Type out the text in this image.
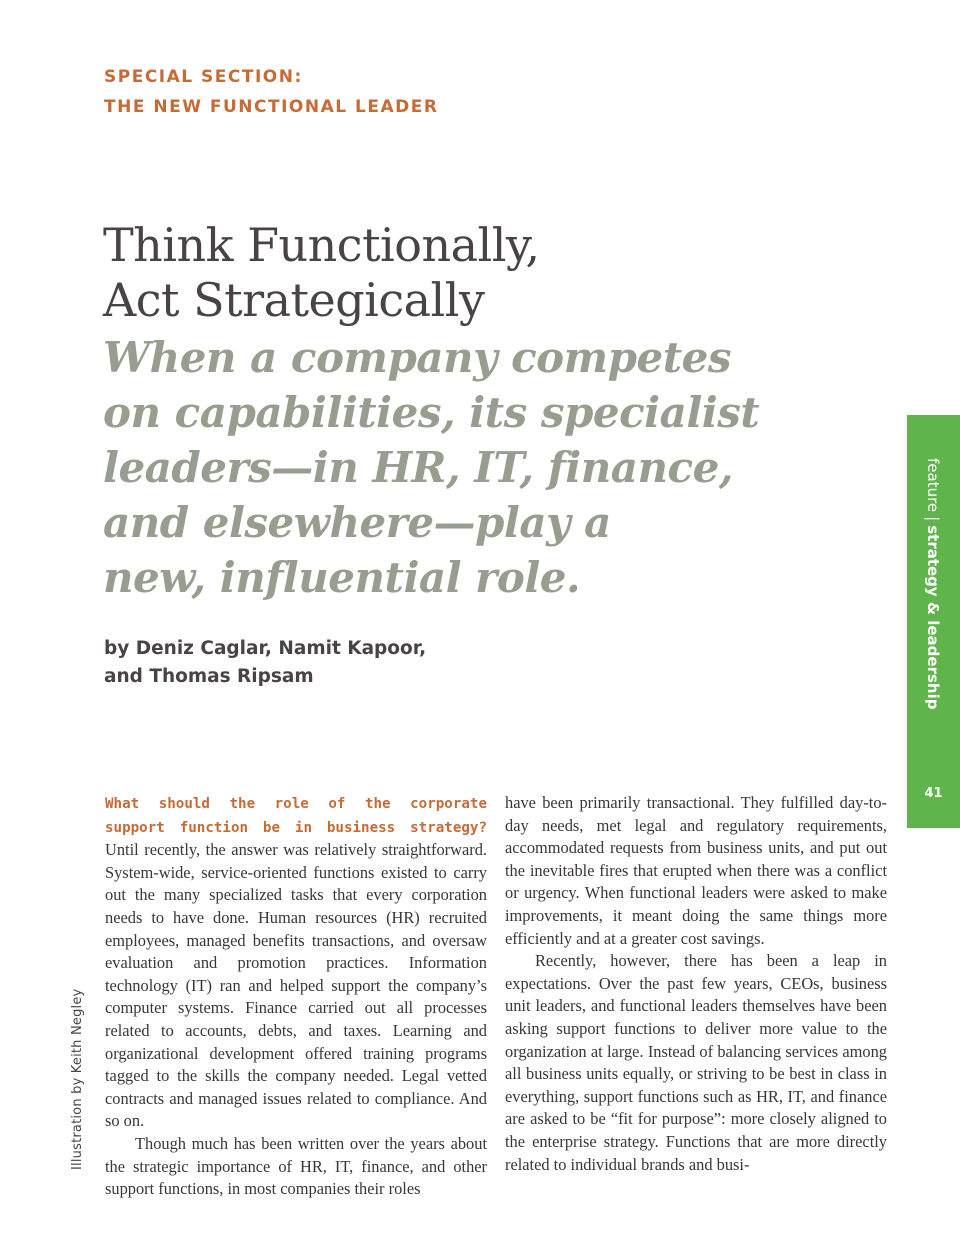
SPECIAL SECTION:
THE NEW FUNCTIONAL LEADER
Think Functionally,
Act Strategically
When a company competes
on capabilities, its specialist
leaders—in HR, IT, finance,
and elsewhere—play a
new, influential role.
by Deniz Caglar, Namit Kapoor,
and Thomas Ripsam

What should the role of the corporate support function be in business strategy? Until recently, the answer was relatively straightforward. System-wide, service-oriented functions existed to carry out the many specialized tasks that every corporation needs to have done. Human resources (HR) recruited employees, managed benefits transactions, and oversaw evaluation and promotion practices. Information technology (IT) ran and helped support the company’s computer systems. Finance carried out all processes related to accounts, debts, and taxes. Learning and organizational development offered training programs tagged to the skills the company needed. Legal vetted contracts and managed issues related to compliance. And so on.

Though much has been written over the years about the strategic importance of HR, IT, finance, and other support functions, in most companies their roles

have been primarily transactional. They fulfilled day-to-day needs, met legal and regulatory requirements, accommodated requests from business units, and put out the inevitable fires that erupted when there was a conflict or urgency. When functional leaders were asked to make improvements, it meant doing the same things more efficiently and at a greater cost savings.

Recently, however, there has been a leap in expectations. Over the past few years, CEOs, business unit leaders, and functional leaders themselves have been asking support functions to deliver more value to the organization at large. Instead of balancing services among all business units equally, or striving to be best in class in everything, support functions such as HR, IT, and finance are asked to be “fit for purpose”: more closely aligned to the enterprise strategy. Functions that are more directly related to individual brands and busi-

Illustration by Keith Negley
feature|strategy & leadership
41
